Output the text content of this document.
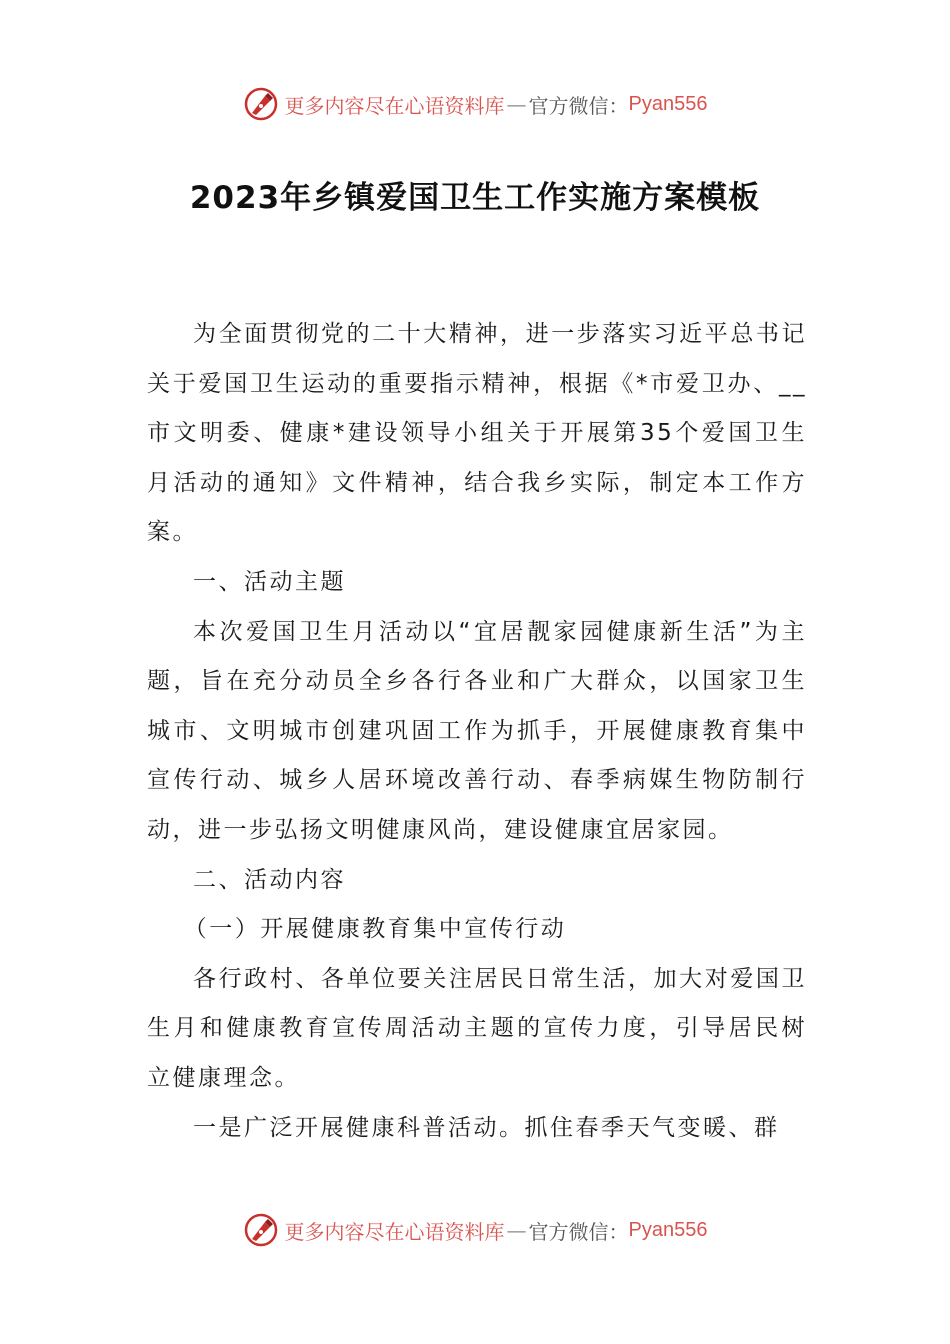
更多内容尽在心语资料库 — 官方微信： Pyan556
2023年乡镇爱国卫生工作实施方案模板

为全面贯彻党的二十大精神，进一步落实习近平总书记关于爱国卫生运动的重要指示精神，根据《*市爱卫办、__市文明委、健康*建设领导小组关于开展第35个爱国卫生月活动的通知》文件精神，结合我乡实际，制定本工作方案。

一、活动主题

本次爱国卫生月活动以“宜居靓家园健康新生活”为主题，旨在充分动员全乡各行各业和广大群众，以国家卫生城市、文明城市创建巩固工作为抓手，开展健康教育集中宣传行动、城乡人居环境改善行动、春季病媒生物防制行动，进一步弘扬文明健康风尚，建设健康宜居家园。

二、活动内容

（一）开展健康教育集中宣传行动

各行政村、各单位要关注居民日常生活，加大对爱国卫生月和健康教育宣传周活动主题的宣传力度，引导居民树立健康理念。

一是广泛开展健康科普活动。抓住春季天气变暖、群

更多内容尽在心语资料库 — 官方微信： Pyan556
